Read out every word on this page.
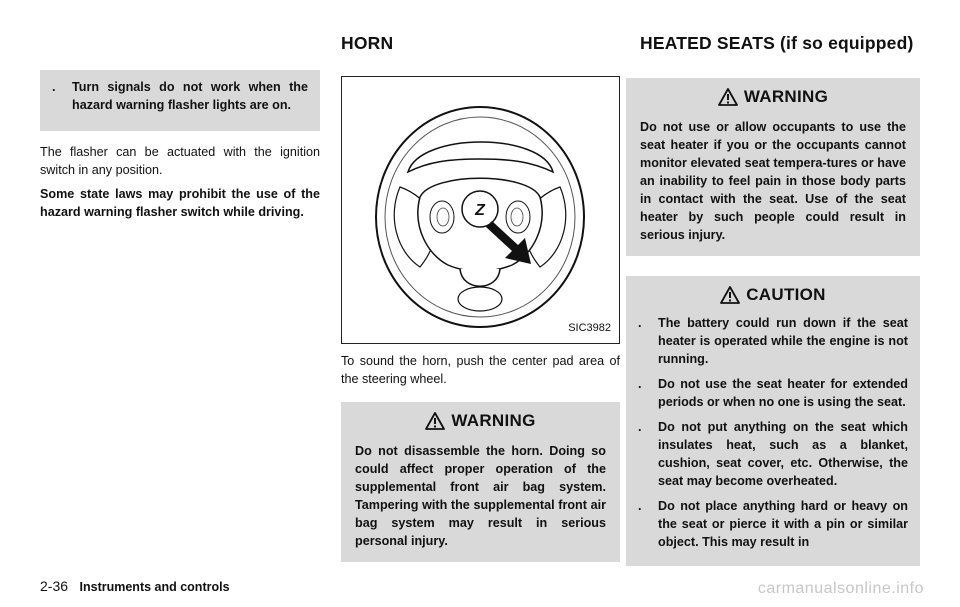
HORN	HEATED SEATS (if so equipped)
.	Turn signals do not work when the hazard warning flasher lights are on.

The flasher can be actuated with the ignition switch in any position.

Some state laws may prohibit the use of the hazard warning flasher switch while driving.	Z
SIC3982

To sound the horn, push the center pad area of the steering wheel.

WARNING
Do not disassemble the horn. Doing so could affect proper operation of the supplemental front air bag system. Tampering with the supplemental front air bag system may result in serious personal injury.
WARNING
Do not use or allow occupants to use the seat heater if you or the occupants cannot monitor elevated seat tempera-tures or have an inability to feel pain in those body parts in contact with the seat. Use of the seat heater by such people could result in serious injury.
CAUTION
.	The battery could run down if the seat heater is operated while the engine is not running.
.	Do not use the seat heater for extended periods or when no one is using the seat.
.	Do not put anything on the seat which insulates heat, such as a blanket, cushion, seat cover, etc. Otherwise, the seat may become overheated.
.	Do not place anything hard or heavy on the seat or pierce it with a pin or similar object. This may result in
2-36 Instruments and controls	carmanualsonline.info
